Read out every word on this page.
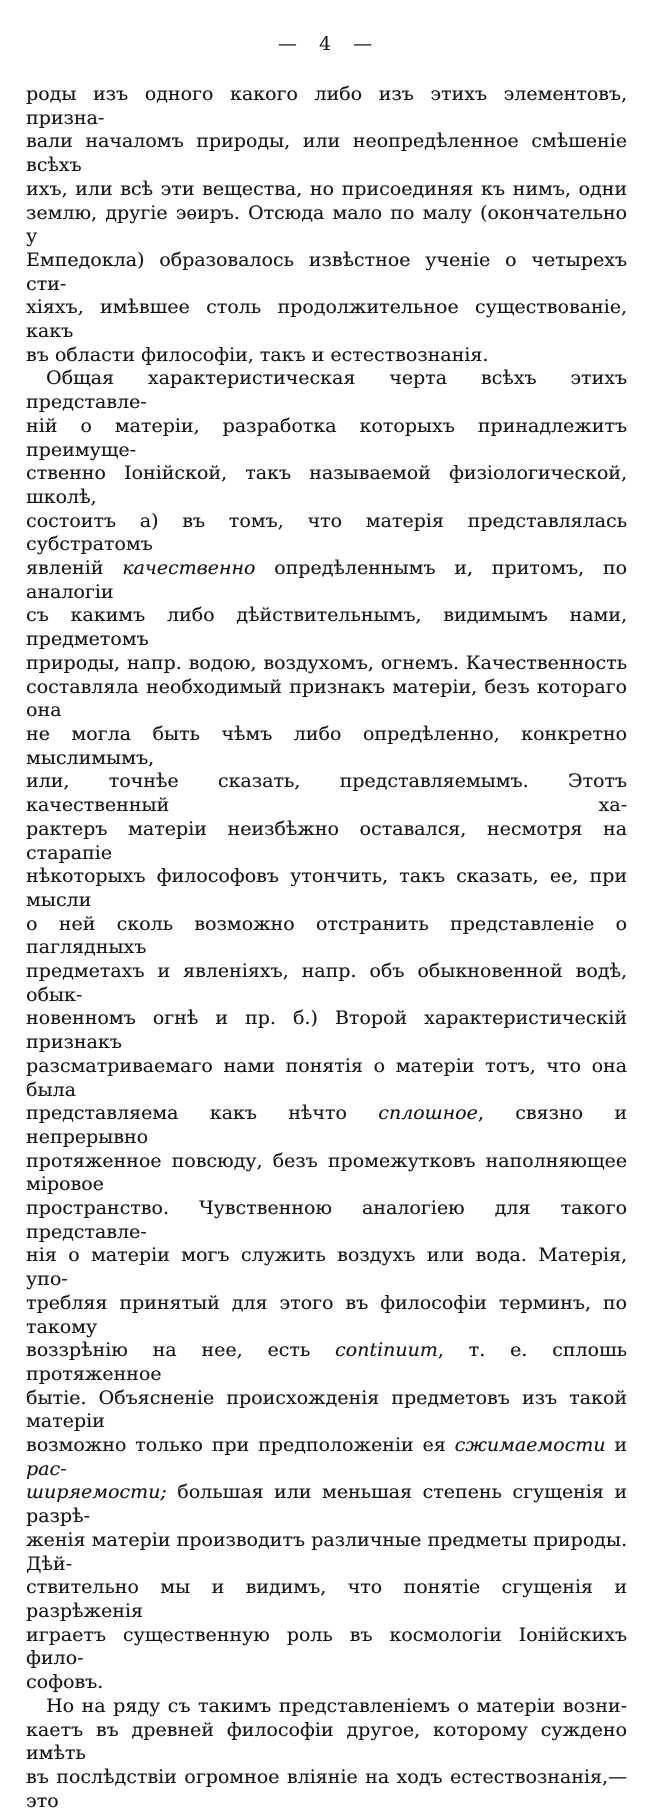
— 4 —
роды изъ одного какого либо изъ этихъ элементовъ, призна-
вали началомъ природы, или неопредѣленное смѣшеніе всѣхъ
ихъ, или всѣ эти вещества, но присоединяя къ нимъ, одни
землю, другіе эѳиръ. Отсюда мало по малу (окончательно у
Емпедокла) образовалось извѣстное ученіе о четырехъ сти-
хіяхъ, имѣвшее столь продолжительное существованіе, какъ
въ области философіи, такъ и естествознанія.
Общая характеристическая черта всѣхъ этихъ представле-
ній о матеріи, разработка которыхъ принадлежитъ преимуще-
ственно Іонійской, такъ называемой физіологической, школѣ,
состоитъ а) въ томъ, что матерія представлялась субстратомъ
явленій качественно опредѣленнымъ и, притомъ, по аналогіи
съ какимъ либо дѣйствительнымъ, видимымъ нами, предметомъ
природы, напр. водою, воздухомъ, огнемъ. Качественность
составляла необходимый признакъ матеріи, безъ котораго она
не могла быть чѣмъ либо опредѣленно, конкретно мыслимымъ,
или, точнѣе сказать, представляемымъ. Этотъ качественный ха-
рактеръ матеріи неизбѣжно оставался, несмотря на старапіе
нѣкоторыхъ философовъ утончить, такъ сказать, ее, при мысли
о ней сколь возможно отстранить представленіе о паглядныхъ
предметахъ и явленіяхъ, напр. объ обыкновенной водѣ, обык-
новенномъ огнѣ и пр. б.) Второй характеристическій признакъ
разсматриваемаго нами понятія о матеріи тотъ, что она была
представляема какъ нѣчто сплошное, связно и непрерывно
протяженное повсюду, безъ промежутковъ наполняющее міровое
пространство. Чувственною аналогіею для такого представле-
нія о матеріи могъ служить воздухъ или вода. Матерія, упо-
требляя принятый для этого въ философіи терминъ, по такому
воззрѣнію на нее, есть continuum, т. е. сплошь протяженное
бытіе. Объясненіе происхожденія предметовъ изъ такой матеріи
возможно только при предположеніи ея сжимаемости и рас-
ширяемости; большая или меньшая степень сгущенія и разрѣ-
женія матеріи производитъ различные предметы природы. Дѣй-
ствительно мы и видимъ, что понятіе сгущенія и разрѣженія
играетъ существенную роль въ космологіи Іонійскихъ фило-
софовъ.
Но на ряду съ такимъ представленіемъ о матеріи возни-
каетъ въ древней философіи другое, которому суждено имѣть
въ послѣдствіи огромное вліяніе на ходъ естествознанія,—это
